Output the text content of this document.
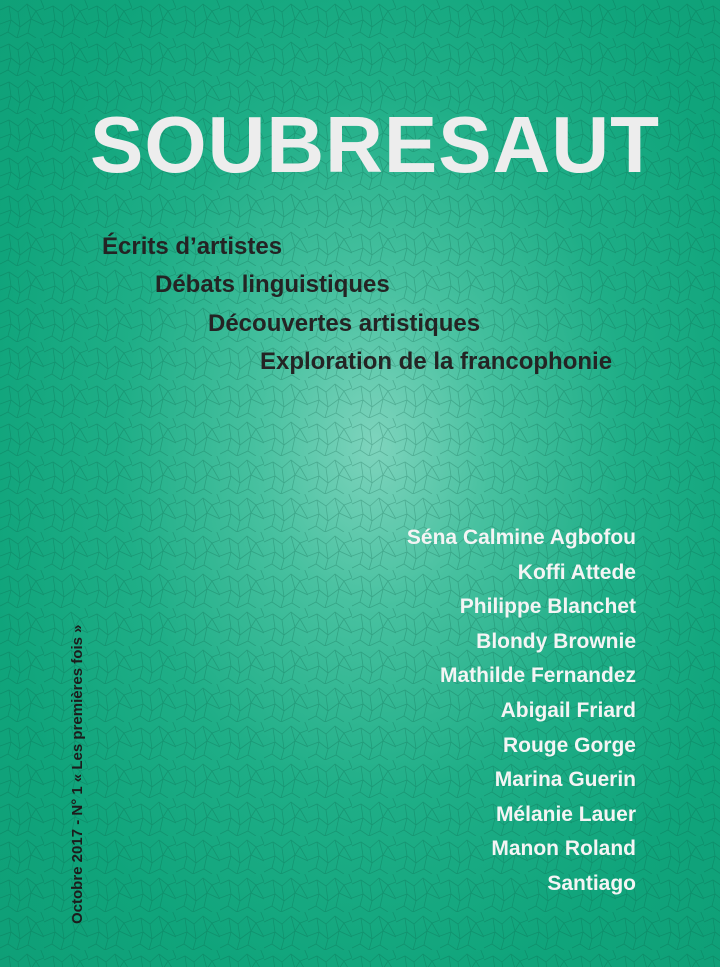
SOUBRESAUT
Écrits d’artistes
Débats linguistiques
Découvertes artistiques
Exploration de la francophonie
Séna Calmine Agbofou
Koffi Attede
Philippe Blanchet
Blondy Brownie
Mathilde Fernandez
Abigail Friard
Rouge Gorge
Marina Guerin
Mélanie Lauer
Manon Roland
Santiago
Octobre 2017 - N° 1 « Les premières fois »
